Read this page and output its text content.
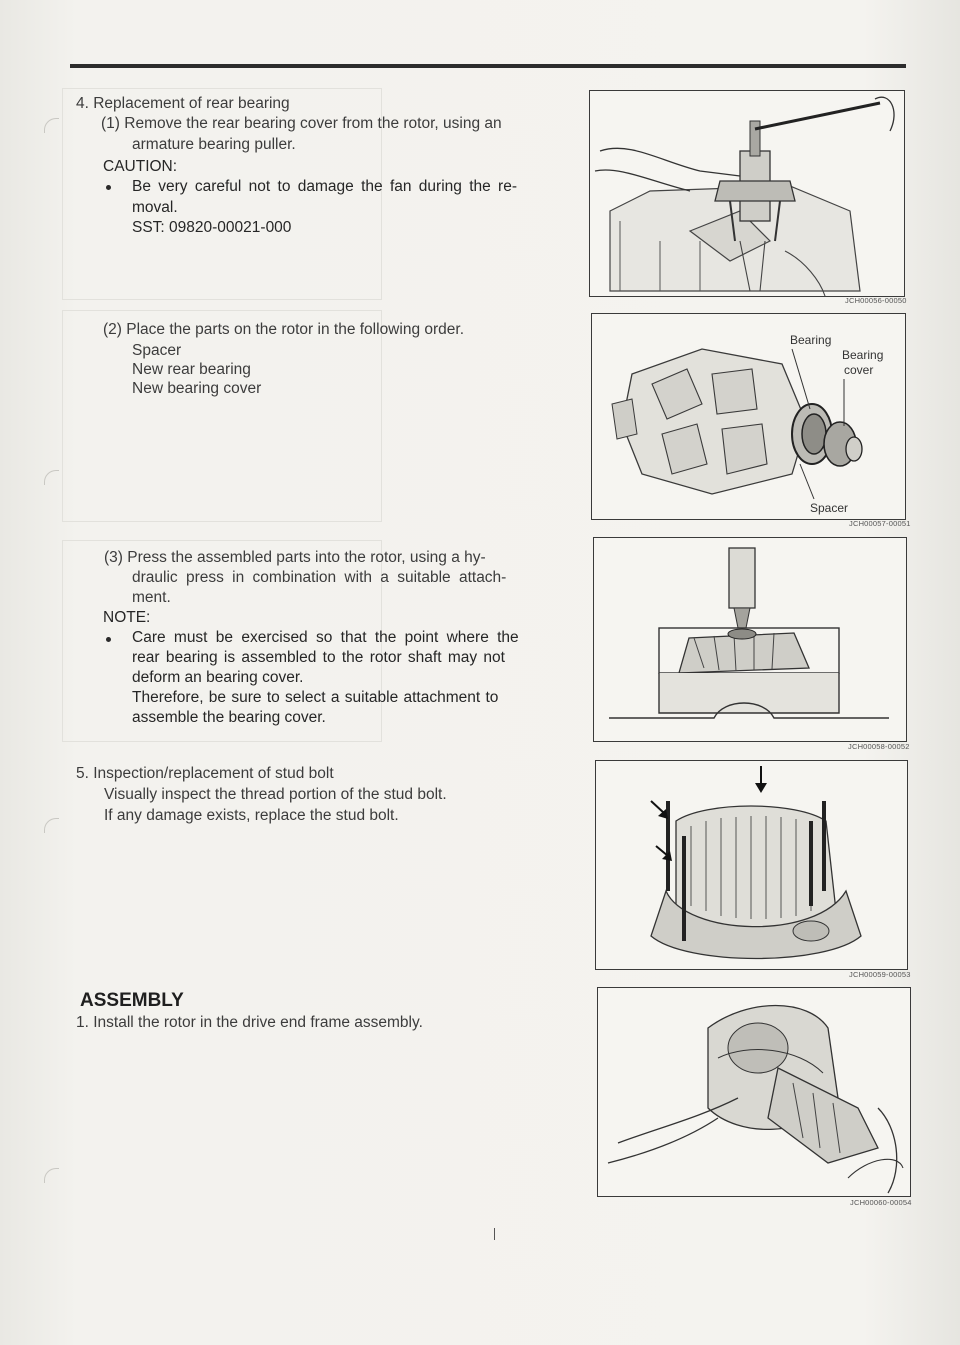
4. Replacement of rear bearing
(1) Remove the rear bearing cover from the rotor, using an
armature bearing puller.
CAUTION:
Be very careful not to damage the fan during the re-
moval.
SST: 09820-00021-000
(2) Place the parts on the rotor in the following order.
Spacer
New rear bearing
New bearing cover
(3) Press the assembled parts into the rotor, using a hy-
draulic press in combination with a suitable attach-
ment.
NOTE:
Care must be exercised so that the point where the
rear bearing is assembled to the rotor shaft may not
deform an bearing cover.
Therefore, be sure to select a suitable attachment to
assemble the bearing cover.
5. Inspection/replacement of stud bolt
Visually inspect the thread portion of the stud bolt.
If any damage exists, replace the stud bolt.
ASSEMBLY
1. Install the rotor in the drive end frame assembly.
JCH00056-00050
Bearing
Bearing
cover
Spacer
JCH00057-00051
JCH00058-00052
JCH00059-00053
JCH00060-00054
